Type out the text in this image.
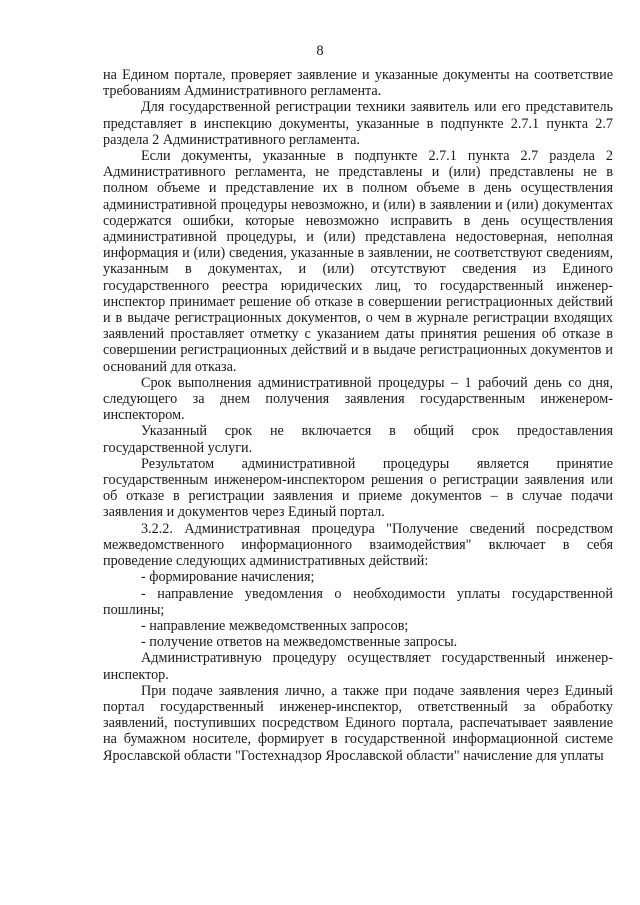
8

на Едином портале, проверяет заявление и указанные документы на соответствие требованиям Административного регламента.

Для государственной регистрации техники заявитель или его представитель представляет в инспекцию документы, указанные в подпункте 2.7.1 пункта 2.7 раздела 2 Административного регламента.

Если документы, указанные в подпункте 2.7.1 пункта 2.7 раздела 2 Административного регламента, не представлены и (или) представлены не в полном объеме и представление их в полном объеме в день осуществления административной процедуры невозможно, и (или) в заявлении и (или) документах содержатся ошибки, которые невозможно исправить в день осуществления административной процедуры, и (или) представлена недостоверная, неполная информация и (или) сведения, указанные в заявлении, не соответствуют сведениям, указанным в документах, и (или) отсутствуют сведения из Единого государственного реестра юридических лиц, то государственный инженер-инспектор принимает решение об отказе в совершении регистрационных действий и в выдаче регистрационных документов, о чем в журнале регистрации входящих заявлений проставляет отметку с указанием даты принятия решения об отказе в совершении регистрационных действий и в выдаче регистрационных документов и оснований для отказа.

Срок выполнения административной процедуры – 1 рабочий день со дня, следующего за днем получения заявления государственным инженером-инспектором.

Указанный срок не включается в общий срок предоставления государственной услуги.

Результатом административной процедуры является принятие государственным инженером-инспектором решения о регистрации заявления или об отказе в регистрации заявления и приеме документов – в случае подачи заявления и документов через Единый портал.

3.2.2. Административная процедура "Получение сведений посредством межведомственного информационного взаимодействия" включает в себя проведение следующих административных действий:

- формирование начисления;

- направление уведомления о необходимости уплаты государственной пошлины;

- направление межведомственных запросов;

- получение ответов на межведомственные запросы.

Административную процедуру осуществляет государственный инженер-инспектор.

При подаче заявления лично, а также при подаче заявления через Единый портал государственный инженер-инспектор, ответственный за обработку заявлений, поступивших посредством Единого портала, распечатывает заявление на бумажном носителе, формирует в государственной информационной системе Ярославской области "Гостехнадзор Ярославской области" начисление для уплаты
